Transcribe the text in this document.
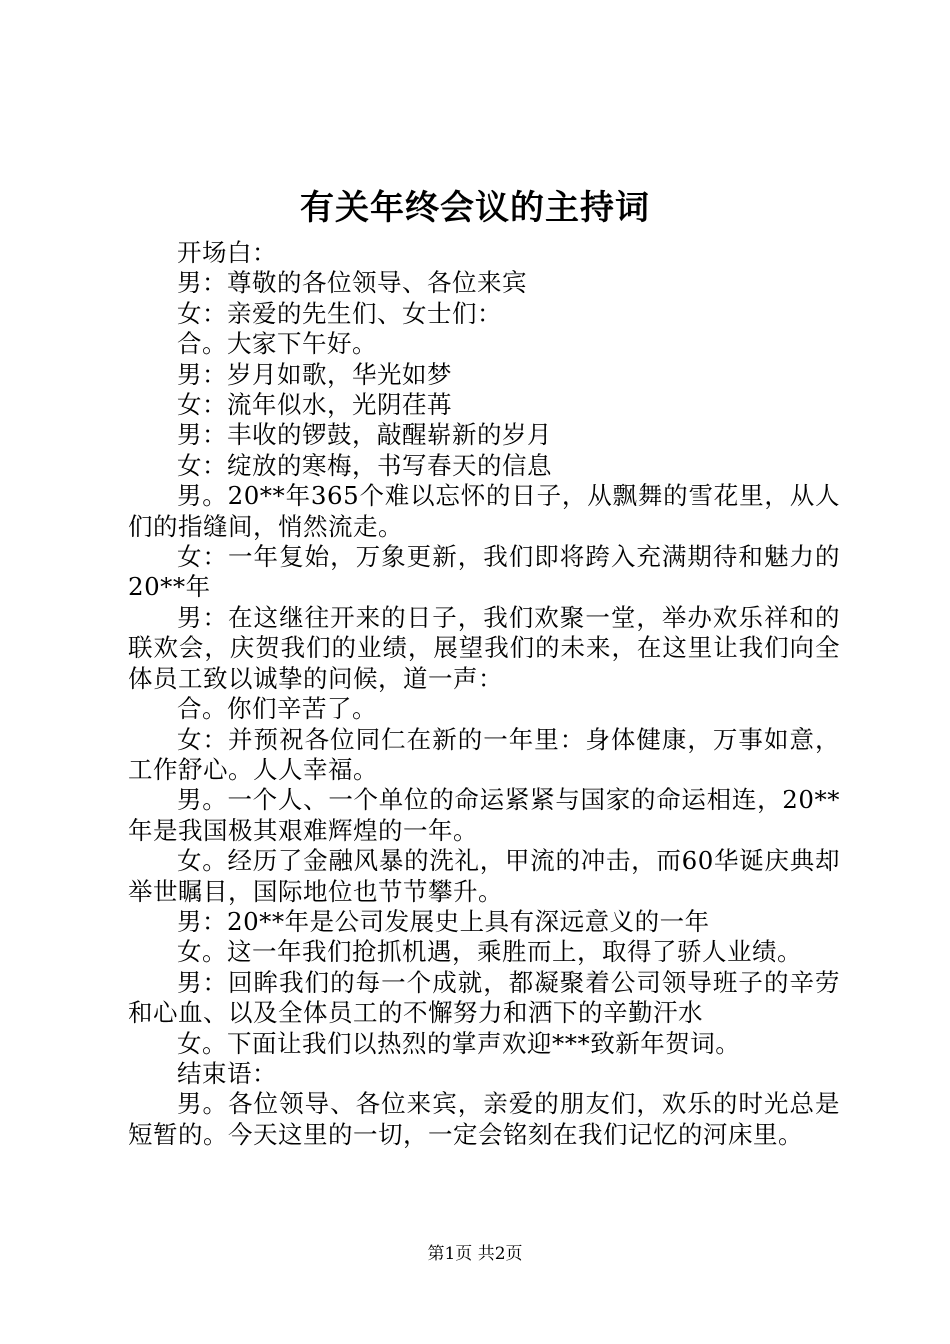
有关年终会议的主持词

开场白：

男：尊敬的各位领导、各位来宾

女：亲爱的先生们、女士们：

合。大家下午好。

男：岁月如歌，华光如梦

女：流年似水，光阴荏苒

男：丰收的锣鼓，敲醒崭新的岁月

女：绽放的寒梅，书写春天的信息

男。20**年365个难以忘怀的日子，从飘舞的雪花里，从人们的指缝间，悄然流走。

女：一年复始，万象更新，我们即将跨入充满期待和魅力的20**年

男：在这继往开来的日子，我们欢聚一堂，举办欢乐祥和的联欢会，庆贺我们的业绩，展望我们的未来，在这里让我们向全体员工致以诚挚的问候，道一声：

合。你们辛苦了。

女：并预祝各位同仁在新的一年里：身体健康，万事如意，工作舒心。人人幸福。

男。一个人、一个单位的命运紧紧与国家的命运相连，20**年是我国极其艰难辉煌的一年。

女。经历了金融风暴的洗礼，甲流的冲击，而60华诞庆典却举世瞩目，国际地位也节节攀升。

男：20**年是公司发展史上具有深远意义的一年

女。这一年我们抢抓机遇，乘胜而上，取得了骄人业绩。

男：回眸我们的每一个成就，都凝聚着公司领导班子的辛劳和心血、以及全体员工的不懈努力和洒下的辛勤汗水

女。下面让我们以热烈的掌声欢迎***致新年贺词。

结束语：

男。各位领导、各位来宾，亲爱的朋友们，欢乐的时光总是短暂的。今天这里的一切，一定会铭刻在我们记忆的河床里。

第1页 共2页
